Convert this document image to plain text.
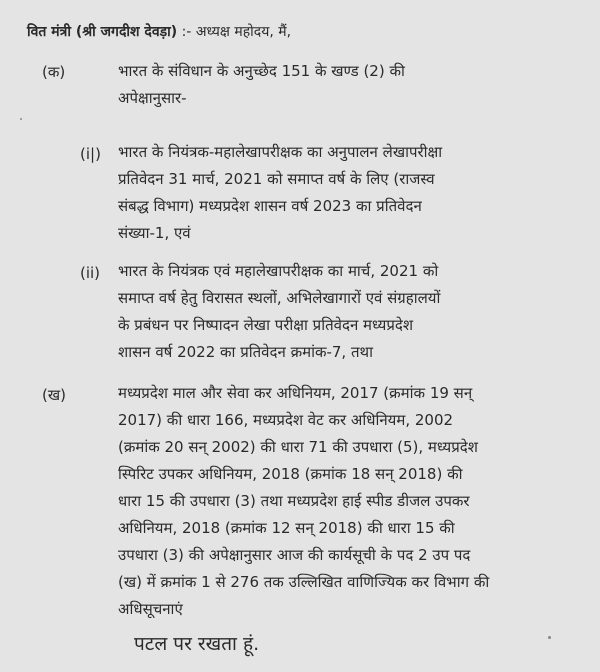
वित मंत्री (श्री जगदीश देवड़ा) :- अध्यक्ष महोदय, मैं,
(क)	भारत के संविधान के अनुच्छेद 151 के खण्ड (2) की
अपेक्षानुसार-
(i|) भारत के नियंत्रक-महालेखापरीक्षक का अनुपालन लेखापरीक्षा
प्रतिवेदन 31 मार्च, 2021 को समाप्त वर्ष के लिए (राजस्व
संबद्ध विभाग) मध्यप्रदेश शासन वर्ष 2023 का प्रतिवेदन
संख्या-1, एवं
(ii) भारत के नियंत्रक एवं महालेखापरीक्षक का मार्च, 2021 को
समाप्त वर्ष हेतु विरासत स्थलों, अभिलेखागारों एवं संग्रहालयों
के प्रबंधन पर निष्पादन लेखा परीक्षा प्रतिवेदन मध्यप्रदेश
शासन वर्ष 2022 का प्रतिवेदन क्रमांक-7, तथा
(ख)	मध्यप्रदेश माल और सेवा कर अधिनियम, 2017 (क्रमांक 19 सन्
2017) की धारा 166, मध्यप्रदेश वेट कर अधिनियम, 2002
(क्रमांक 20 सन् 2002) की धारा 71 की उपधारा (5), मध्यप्रदेश
स्पिरिट उपकर अधिनियम, 2018 (क्रमांक 18 सन् 2018) की
धारा 15 की उपधारा (3) तथा मध्यप्रदेश हाई स्पीड डीजल उपकर
अधिनियम, 2018 (क्रमांक 12 सन् 2018) की धारा 15 की
उपधारा (3) की अपेक्षानुसार आज की कार्यसूची के पद 2 उप पद
(ख) में क्रमांक 1 से 276 तक उल्लिखित वाणिज्यिक कर विभाग की
अधिसूचनाएं
पटल पर रखता हूं.
